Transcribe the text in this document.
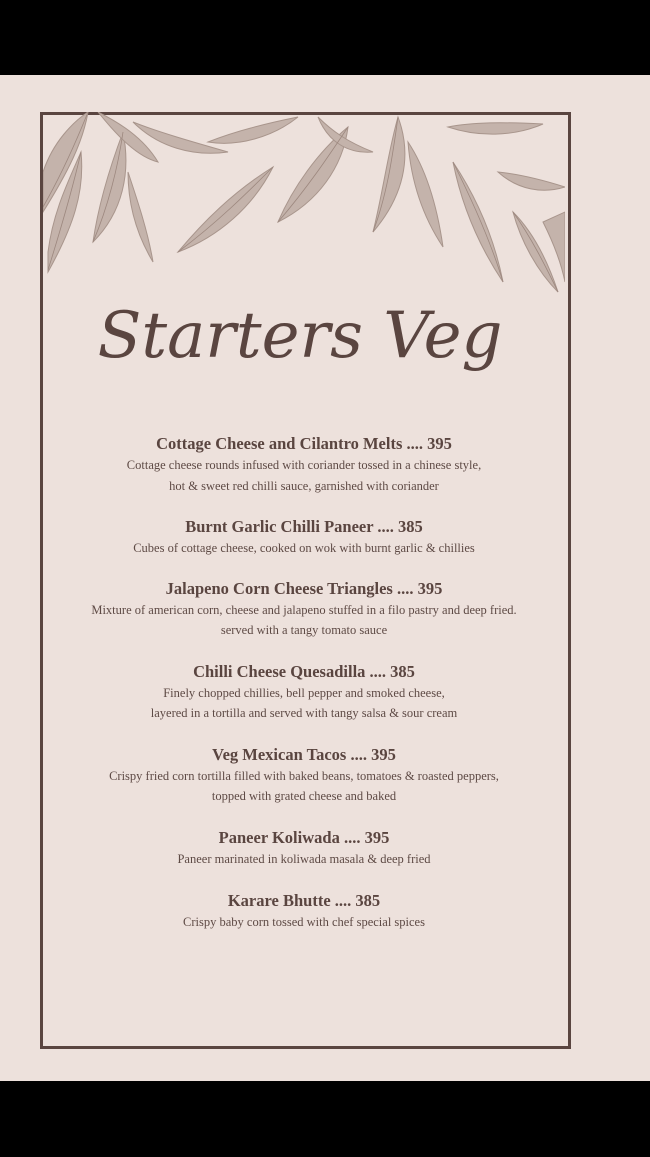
Starters Veg

Cottage Cheese and Cilantro Melts .... 395

Cottage cheese rounds infused with coriander tossed in a chinese style,

hot & sweet red chilli sauce, garnished with coriander

Burnt Garlic Chilli Paneer .... 385

Cubes of cottage cheese, cooked on wok with burnt garlic & chillies

Jalapeno Corn Cheese Triangles .... 395

Mixture of american corn, cheese and jalapeno stuffed in a filo pastry and deep fried.

served with a tangy tomato sauce

Chilli Cheese Quesadilla .... 385

Finely chopped chillies, bell pepper and smoked cheese,

layered in a tortilla and served with tangy salsa & sour cream

Veg Mexican Tacos .... 395

Crispy fried corn tortilla filled with baked beans, tomatoes & roasted peppers,

topped with grated cheese and baked

Paneer Koliwada .... 395

Paneer marinated in koliwada masala & deep fried

Karare Bhutte .... 385

Crispy baby corn tossed with chef special spices
